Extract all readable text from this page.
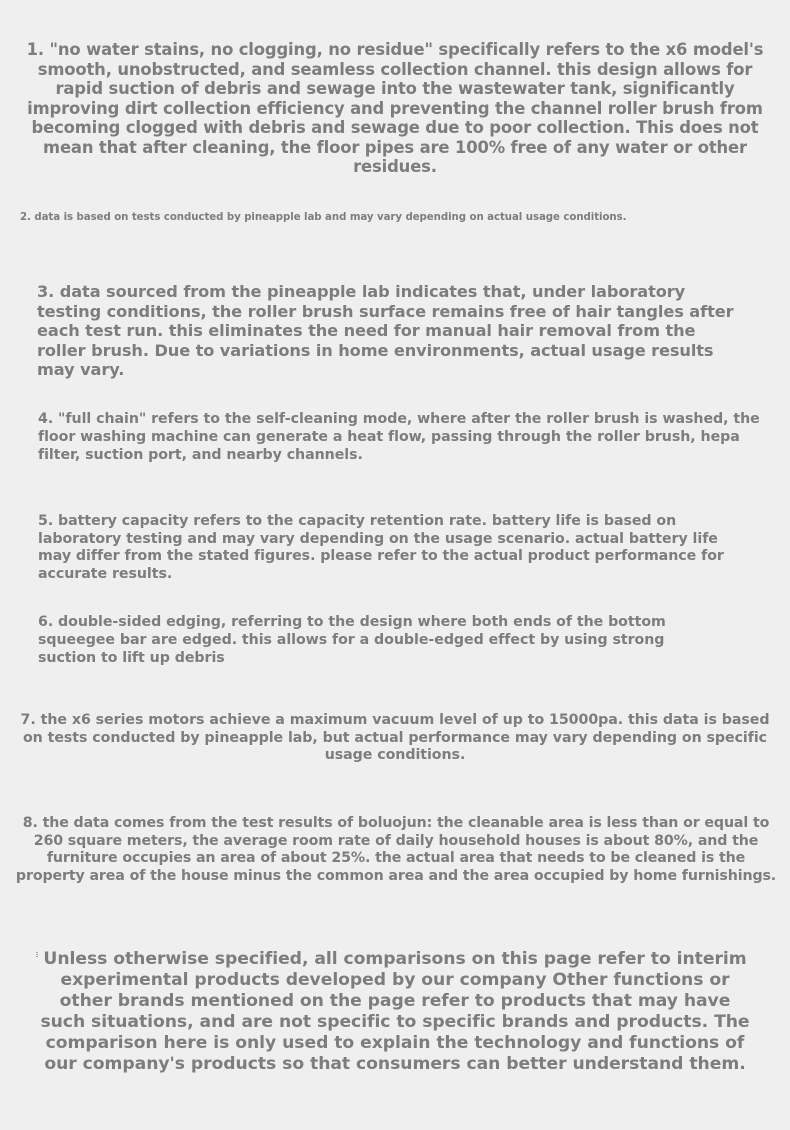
1. "no water stains, no clogging, no residue" specifically refers to the x6 model's smooth, unobstructed, and seamless collection channel. this design allows for rapid suction of debris and sewage into the wastewater tank, significantly improving dirt collection efficiency and preventing the channel roller brush from becoming clogged with debris and sewage due to poor collection. This does not mean that after cleaning, the floor pipes are 100% free of any water or other residues.

2. data is based on tests conducted by pineapple lab and may vary depending on actual usage conditions.

3. data sourced from the pineapple lab indicates that, under laboratory testing conditions, the roller brush surface remains free of hair tangles after each test run. this eliminates the need for manual hair removal from the roller brush. Due to variations in home environments, actual usage results may vary.

4. "full chain" refers to the self-cleaning mode, where after the roller brush is washed, the floor washing machine can generate a heat flow, passing through the roller brush, hepa filter, suction port, and nearby channels.

5. battery capacity refers to the capacity retention rate. battery life is based on laboratory testing and may vary depending on the usage scenario. actual battery life may differ from the stated figures. please refer to the actual product performance for accurate results.

6. double-sided edging, referring to the design where both ends of the bottom squeegee bar are edged. this allows for a double-edged effect by using strong suction to lift up debris

7. the x6 series motors achieve a maximum vacuum level of up to 15000pa. this data is based on tests conducted by pineapple lab, but actual performance may vary depending on specific usage conditions.

8. the data comes from the test results of boluojun: the cleanable area is less than or equal to 260 square meters, the average room rate of daily household houses is about 80%, and the furniture occupies an area of about 25%. the actual area that needs to be cleaned is the property area of the house minus the common area and the area occupied by home furnishings.

Unless otherwise specified, all comparisons on this page refer to interim experimental products developed by our company Other functions or other brands mentioned on the page refer to products that may have such situations, and are not specific to specific brands and products. The comparison here is only used to explain the technology and functions of our company's products so that consumers can better understand them.
